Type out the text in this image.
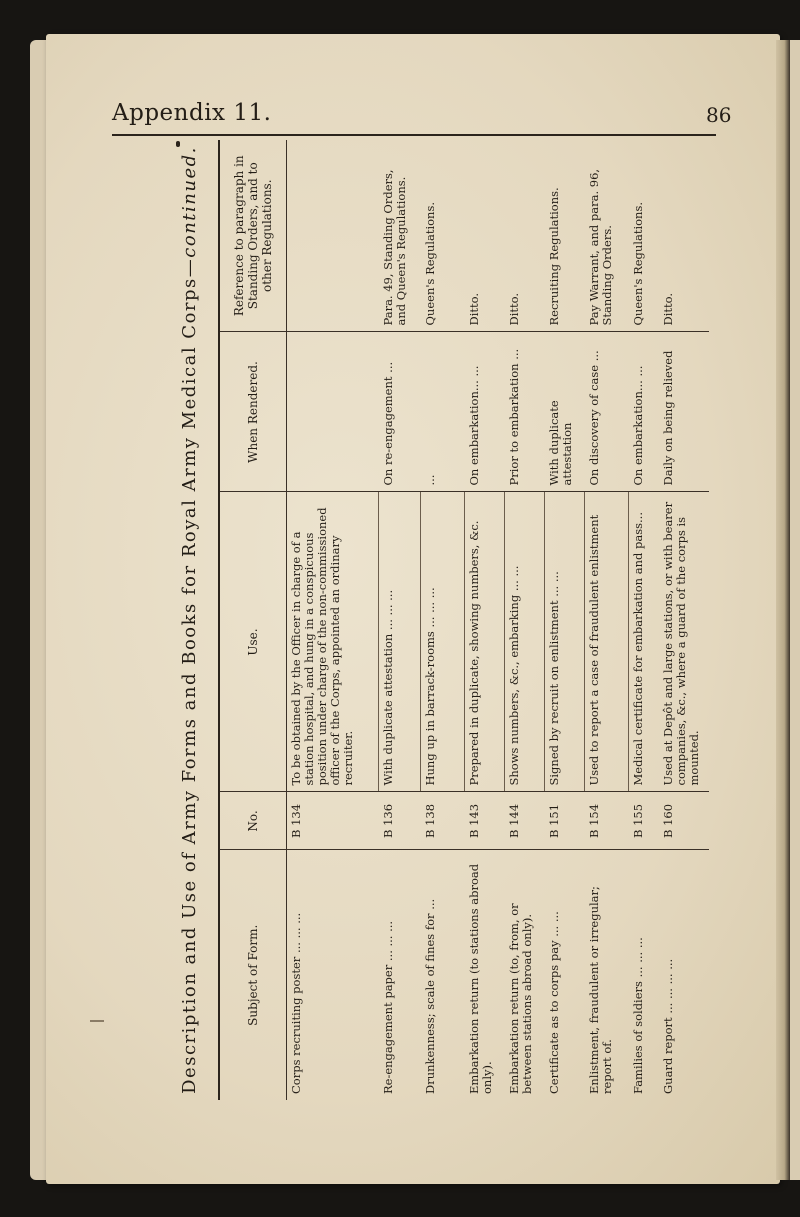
Appendix 11.	86
Description and Use of Army Forms and Books for Royal Army Medical Corps—continued.
Subject of Form.	No.	Use.	When Rendered.	Reference to paragraph in Standing Orders, and to other Regulations.
Corps recruiting poster ... ... ...	B 134	To be obtained by the Officer in charge of a station hospital, and hung in a conspicuous position under charge of the non-commissioned officer of the Corps, appointed an ordinary recruiter.		
Re-engagement paper ... ... ...	B 136	With duplicate attestation ... ... ...	On re-engagement ...	Para. 49, Standing Orders, and Queen's Regulations.
Drunkenness; scale of fines for ...	B 138	Hung up in barrack-rooms ... ... ...	...	Queen's Regulations.
Embarkation return (to stations abroad only).	B 143	Prepared in duplicate, showing numbers, &c.	On embarkation... ...	Ditto.
Embarkation return (to, from, or between stations abroad only).	B 144	Shows numbers, &c., embarking ... ...	Prior to embarkation ...	Ditto.
Certificate as to corps pay ... ...	B 151	Signed by recruit on enlistment ... ...	With duplicate attestation	Recruiting Regulations.
Enlistment, fraudulent or irregular; report of.	B 154	Used to report a case of fraudulent enlistment	On discovery of case ...	Pay Warrant, and para. 96, Standing Orders.
Families of soldiers ... ... ...	B 155	Medical certificate for embarkation and pass...	On embarkation... ...	Queen's Regulations.
Guard report ... ... ... ...	B 160	Used at Depôt and large stations, or with bearer companies, &c., where a guard of the corps is mounted.	Daily on being relieved	Ditto.
